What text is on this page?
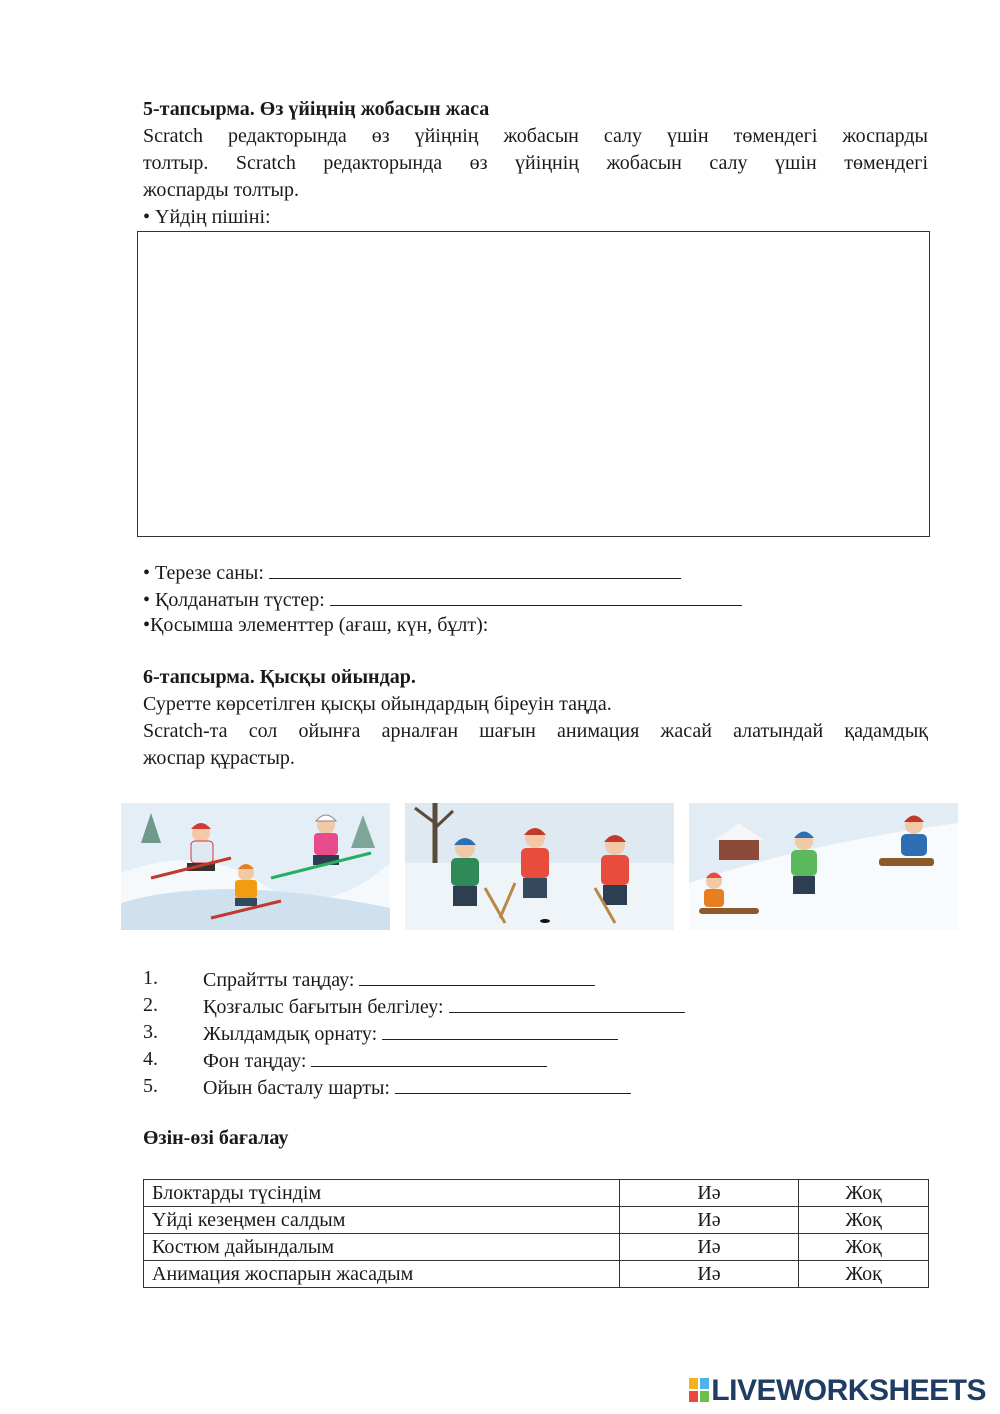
5-тапсырма. Өз үйіңнің жобасын жаса
Scratch редакторында өз үйіңнің жобасын салу үшін төмендегі жоспарды
толтыр. Scratch редакторында өз үйіңнің жобасын салу үшін төмендегі
жоспарды толтыр.
• Үйдің пішіні:
• Терезе саны:
• Қолданатын түстер:
•Қосымша элементтер (ағаш, күн, бұлт):
6-тапсырма. Қысқы ойындар.
Суретте көрсетілген қысқы ойындардың біреуін таңда.
Scratch-та сол ойынға арналған шағын анимация жасай алатындай қадамдық
жоспар құрастыр.
1.	Спрайтты таңдау:
2.	Қозғалыс бағытын белгілеу:
3.	Жылдамдық орнату:
4.	Фон таңдау:
5.	Ойын басталу шарты:
Өзін-өзі бағалау
Блоктарды түсіндім	Иә	Жоқ
Үйді кезеңмен салдым	Иә	Жоқ
Костюм дайындалым	Иә	Жоқ
Анимация жоспарын жасадым	Иә	Жоқ
LIVEWORKSHEETS
